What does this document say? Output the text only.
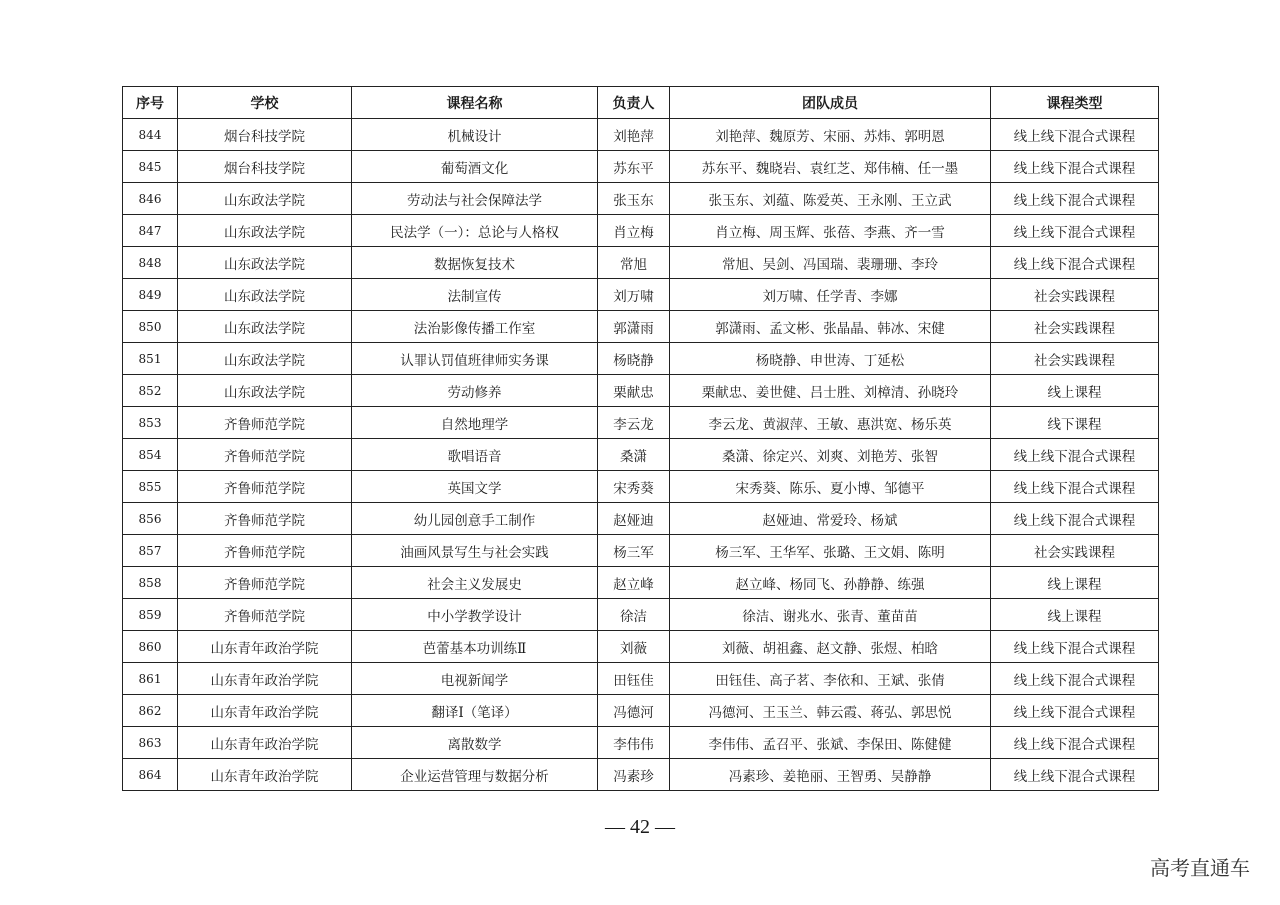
序号	学校	课程名称	负责人	团队成员	课程类型
844	烟台科技学院	机械设计	刘艳萍	刘艳萍、魏原芳、宋丽、苏炜、郭明恩	线上线下混合式课程
845	烟台科技学院	葡萄酒文化	苏东平	苏东平、魏晓岩、袁红芝、郑伟楠、任一墨	线上线下混合式课程
846	山东政法学院	劳动法与社会保障法学	张玉东	张玉东、刘蕴、陈爱英、王永刚、王立武	线上线下混合式课程
847	山东政法学院	民法学（一）：总论与人格权	肖立梅	肖立梅、周玉辉、张蓓、李燕、齐一雪	线上线下混合式课程
848	山东政法学院	数据恢复技术	常旭	常旭、吴剑、冯国瑞、裴珊珊、李玲	线上线下混合式课程
849	山东政法学院	法制宣传	刘万啸	刘万啸、任学青、李娜	社会实践课程
850	山东政法学院	法治影像传播工作室	郭潇雨	郭潇雨、孟文彬、张晶晶、韩冰、宋健	社会实践课程
851	山东政法学院	认罪认罚值班律师实务课	杨晓静	杨晓静、申世涛、丁延松	社会实践课程
852	山东政法学院	劳动修养	栗献忠	栗献忠、姜世健、吕士胜、刘樟清、孙晓玲	线上课程
853	齐鲁师范学院	自然地理学	李云龙	李云龙、黄淑萍、王敏、惠洪宽、杨乐英	线下课程
854	齐鲁师范学院	歌唱语音	桑潇	桑潇、徐定兴、刘爽、刘艳芳、张智	线上线下混合式课程
855	齐鲁师范学院	英国文学	宋秀葵	宋秀葵、陈乐、夏小博、邹德平	线上线下混合式课程
856	齐鲁师范学院	幼儿园创意手工制作	赵娅迪	赵娅迪、常爱玲、杨斌	线上线下混合式课程
857	齐鲁师范学院	油画风景写生与社会实践	杨三军	杨三军、王华军、张璐、王文娟、陈明	社会实践课程
858	齐鲁师范学院	社会主义发展史	赵立峰	赵立峰、杨同飞、孙静静、练强	线上课程
859	齐鲁师范学院	中小学教学设计	徐洁	徐洁、谢兆水、张青、董苗苗	线上课程
860	山东青年政治学院	芭蕾基本功训练Ⅱ	刘薇	刘薇、胡祖鑫、赵文静、张煜、柏晗	线上线下混合式课程
861	山东青年政治学院	电视新闻学	田钰佳	田钰佳、高子茗、李依和、王斌、张倩	线上线下混合式课程
862	山东青年政治学院	翻译Ⅰ（笔译）	冯德河	冯德河、王玉兰、韩云霞、蒋弘、郭思悦	线上线下混合式课程
863	山东青年政治学院	离散数学	李伟伟	李伟伟、孟召平、张斌、李保田、陈健健	线上线下混合式课程
864	山东青年政治学院	企业运营管理与数据分析	冯素珍	冯素珍、姜艳丽、王智勇、吴静静	线上线下混合式课程
— 42 —
高考直通车
